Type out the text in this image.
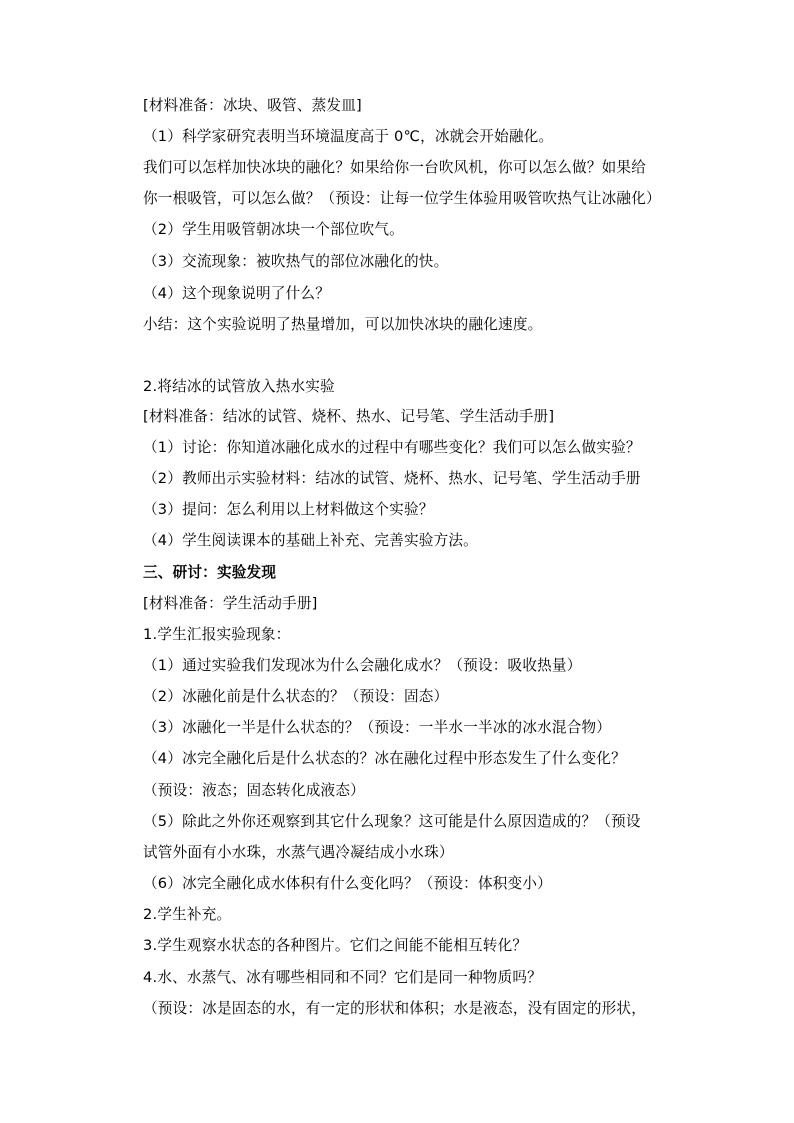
[材料准备：冰块、吸管、蒸发皿]
（1）科学家研究表明当环境温度高于 0℃，冰就会开始融化。
我们可以怎样加快冰块的融化？如果给你一台吹风机，你可以怎么做？如果给
你一根吸管，可以怎么做？（预设：让每一位学生体验用吸管吹热气让冰融化）
（2）学生用吸管朝冰块一个部位吹气。
（3）交流现象：被吹热气的部位冰融化的快。
（4）这个现象说明了什么？
小结：这个实验说明了热量增加，可以加快冰块的融化速度。
2.将结冰的试管放入热水实验
[材料准备：结冰的试管、烧杯、热水、记号笔、学生活动手册]
（1）讨论：你知道冰融化成水的过程中有哪些变化？我们可以怎么做实验？
（2）教师出示实验材料：结冰的试管、烧杯、热水、记号笔、学生活动手册
（3）提问：怎么利用以上材料做这个实验？
（4）学生阅读课本的基础上补充、完善实验方法。
三、研讨：实验发现
[材料准备：学生活动手册]
1.学生汇报实验现象：
（1）通过实验我们发现冰为什么会融化成水？（预设：吸收热量）
（2）冰融化前是什么状态的？（预设：固态）
（3）冰融化一半是什么状态的？（预设：一半水一半冰的冰水混合物）
（4）冰完全融化后是什么状态的？冰在融化过程中形态发生了什么变化？
（预设：液态；固态转化成液态）
（5）除此之外你还观察到其它什么现象？这可能是什么原因造成的？（预设
试管外面有小水珠，水蒸气遇冷凝结成小水珠）
（6）冰完全融化成水体积有什么变化吗？（预设：体积变小）
2.学生补充。
3.学生观察水状态的各种图片。它们之间能不能相互转化？
4.水、水蒸气、冰有哪些相同和不同？它们是同一种物质吗？
（预设：冰是固态的水，有一定的形状和体积；水是液态，没有固定的形状，
